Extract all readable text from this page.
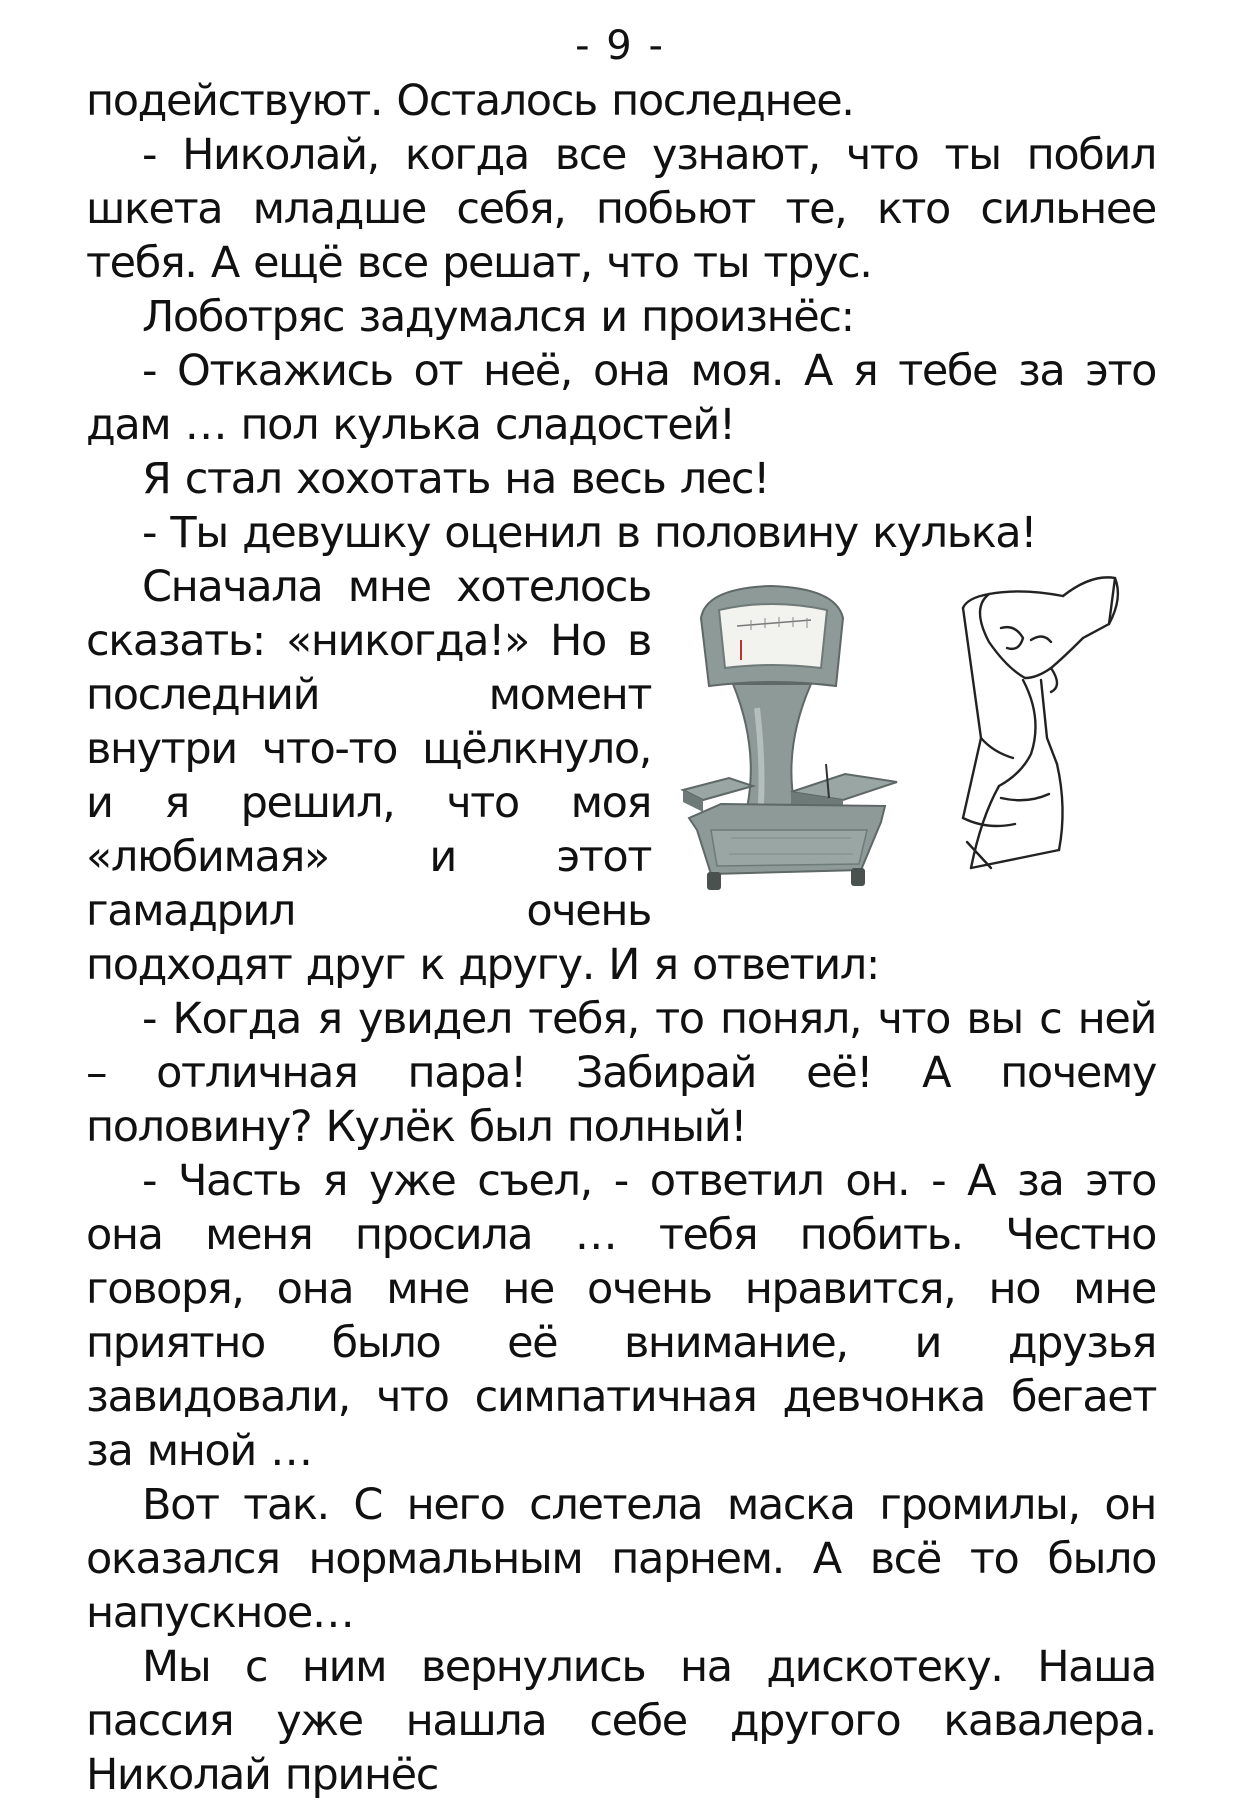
- 9 -

подействуют. Осталось последнее.

- Николай, когда все узнают, что ты побил шкета младше себя, побьют те, кто сильнее тебя. А ещё все решат, что ты трус.

Лоботряс задумался и произнёс:

- Откажись от неё, она моя. А я тебе за это дам … пол кулька сладостей!

Я стал хохотать на весь лес!

- Ты девушку оценил в половину кулька!

Сначала мне хотелось сказать: «никогда!» Но в последний момент внутри что-то щёлкнуло, и я решил, что моя «любимая» и этот гамадрил очень подходят друг к другу. И я ответил:

- Когда я увидел тебя, то понял, что вы с ней – отличная пара! Забирай её! А почему половину? Кулёк был полный!

- Часть я уже съел, - ответил он. - А за это она меня просила … тебя побить. Честно говоря, она мне не очень нравится, но мне приятно было её внимание, и друзья завидовали, что симпатичная девчонка бегает за мной …

Вот так. С него слетела маска громилы, он оказался нормальным парнем. А всё то было напускное…

Мы с ним вернулись на дискотеку. Наша пассия уже нашла себе другого кавалера. Николай принёс
